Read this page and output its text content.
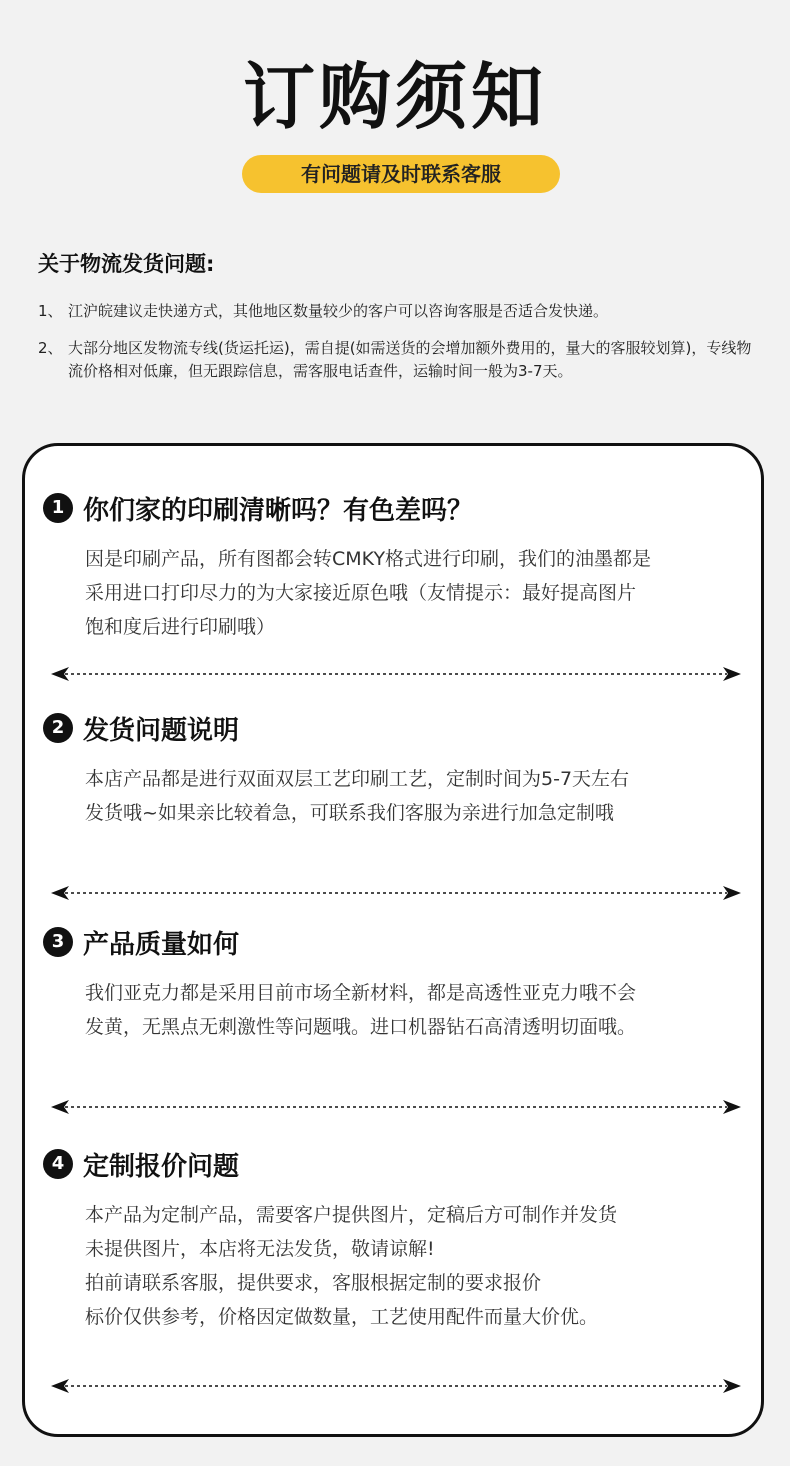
订购须知
有问题请及时联系客服
关于物流发货问题:
1、 江沪皖建议走快递方式，其他地区数量较少的客户可以咨询客服是否适合发快递。
2、 大部分地区发物流专线(货运托运)，需自提(如需送货的会增加额外费用的，量大的客服较划算)，专线物流价格相对低廉，但无跟踪信息，需客服电话查件，运输时间一般为3-7天。
1 你们家的印刷清晰吗？有色差吗？

因是印刷产品，所有图都会转CMKY格式进行印刷，我们的油墨都是

采用进口打印尽力的为大家接近原色哦（友情提示：最好提高图片

饱和度后进行印刷哦）

2 发货问题说明

本店产品都是进行双面双层工艺印刷工艺，定制时间为5-7天左右

发货哦~如果亲比较着急，可联系我们客服为亲进行加急定制哦

3 产品质量如何

我们亚克力都是采用目前市场全新材料，都是高透性亚克力哦不会

发黄，无黑点无刺激性等问题哦。进口机器钻石高清透明切面哦。

4 定制报价问题

本产品为定制产品，需要客户提供图片，定稿后方可制作并发货

未提供图片，本店将无法发货，敬请谅解!

拍前请联系客服，提供要求，客服根据定制的要求报价

标价仅供参考，价格因定做数量，工艺使用配件而量大价优。
